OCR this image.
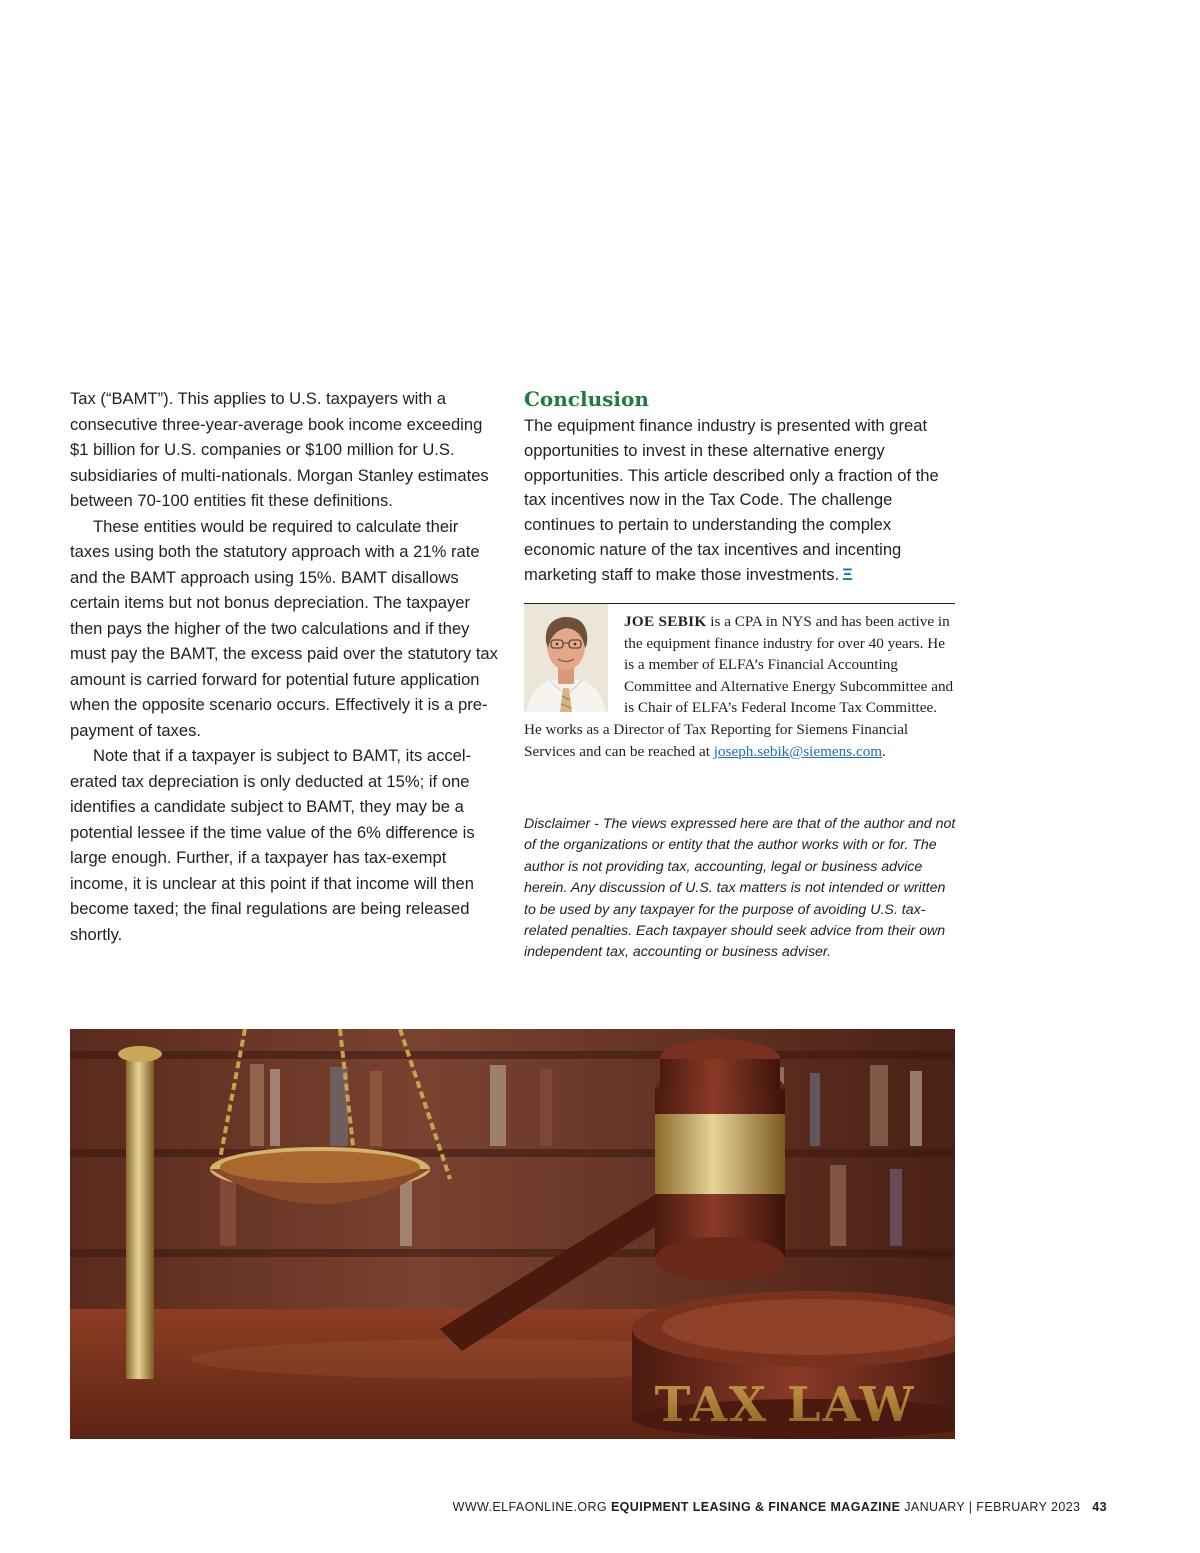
Tax (“BAMT”). This applies to U.S. taxpayers with a consecutive three-year-average book income exceeding $1 billion for U.S. companies or $100 million for U.S. subsidiaries of multi-nationals. Morgan Stanley estimates between 70-100 entities fit these definitions.

These entities would be required to calculate their taxes using both the statutory approach with a 21% rate and the BAMT approach using 15%. BAMT disallows certain items but not bonus depreciation. The taxpayer then pays the higher of the two calculations and if they must pay the BAMT, the excess paid over the statutory tax amount is carried forward for potential future application when the opposite scenario occurs. Effectively it is a pre-payment of taxes.

Note that if a taxpayer is subject to BAMT, its accelerated tax depreciation is only deducted at 15%; if one identifies a candidate subject to BAMT, they may be a potential lessee if the time value of the 6% difference is large enough. Further, if a taxpayer has tax-exempt income, it is unclear at this point if that income will then become taxed; the final regulations are being released shortly.

Conclusion

The equipment finance industry is presented with great opportunities to invest in these alternative energy opportunities. This article described only a fraction of the tax incentives now in the Tax Code. The challenge continues to pertain to understanding the complex economic nature of the tax incentives and incenting marketing staff to make those investments. Ξ

JOE SEBIK is a CPA in NYS and has been active in the equipment finance industry for over 40 years. He is a member of ELFA’s Financial Accounting Committee and Alternative Energy Subcommittee and is Chair of ELFA’s Federal Income Tax Committee. He works as a Director of Tax Reporting for Siemens Financial Services and can be reached at joseph.sebik@siemens.com.

Disclaimer - The views expressed here are that of the author and not of the organizations or entity that the author works with or for. The author is not providing tax, accounting, legal or business advice herein. Any discussion of U.S. tax matters is not intended or written to be used by any taxpayer for the purpose of avoiding U.S. tax-related penalties. Each taxpayer should seek advice from their own independent tax, accounting or business adviser.

TAX LAW
WWW.ELFAONLINE.ORG EQUIPMENT LEASING & FINANCE MAGAZINE JANUARY | FEBRUARY 2023 43
